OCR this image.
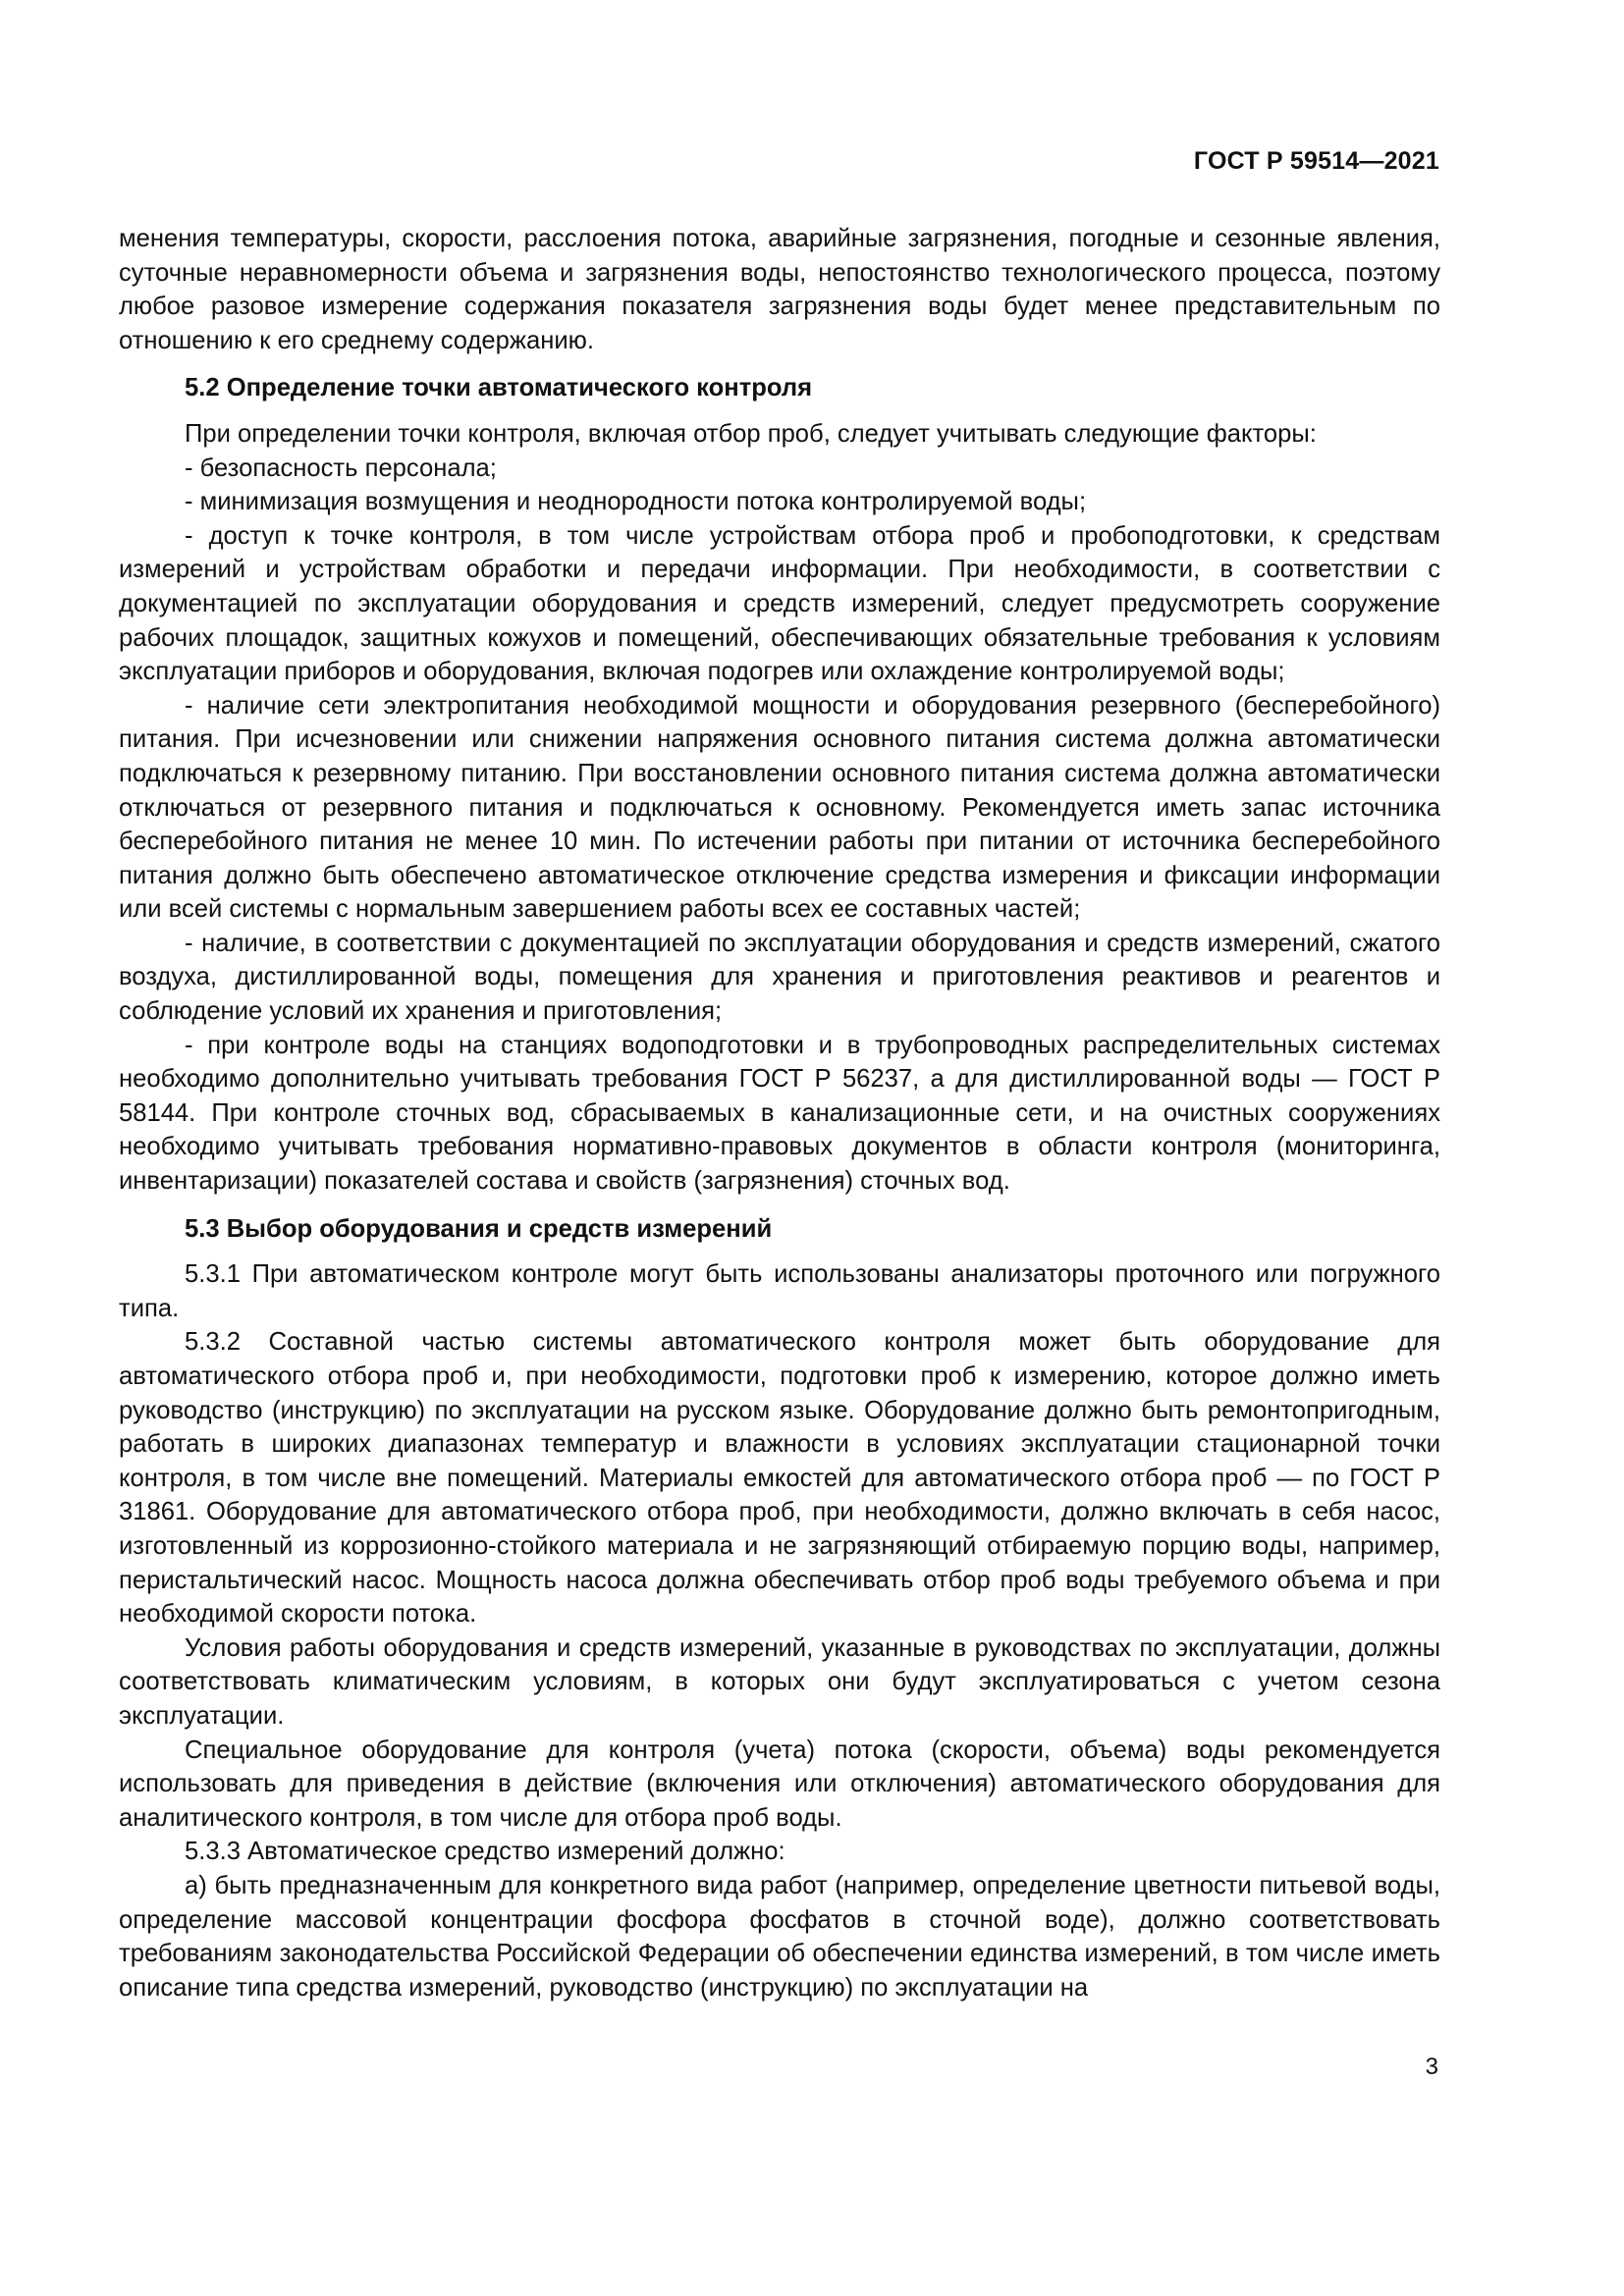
ГОСТ Р 59514—2021

менения температуры, скорости, расслоения потока, аварийные загрязнения, погодные и сезонные явления, суточные неравномерности объема и загрязнения воды, непостоянство технологического процесса, поэтому любое разовое измерение содержания показателя загрязнения воды будет менее представительным по отношению к его среднему содержанию.

5.2 Определение точки автоматического контроля

При определении точки контроля, включая отбор проб, следует учитывать следующие факторы:

- безопасность персонала;

- минимизация возмущения и неоднородности потока контролируемой воды;

- доступ к точке контроля, в том числе устройствам отбора проб и пробоподготовки, к средствам измерений и устройствам обработки и передачи информации. При необходимости, в соответствии с документацией по эксплуатации оборудования и средств измерений, следует предусмотреть сооружение рабочих площадок, защитных кожухов и помещений, обеспечивающих обязательные требования к условиям эксплуатации приборов и оборудования, включая подогрев или охлаждение контролируемой воды;

- наличие сети электропитания необходимой мощности и оборудования резервного (бесперебойного) питания. При исчезновении или снижении напряжения основного питания система должна автоматически подключаться к резервному питанию. При восстановлении основного питания система должна автоматически отключаться от резервного питания и подключаться к основному. Рекомендуется иметь запас источника бесперебойного питания не менее 10 мин. По истечении работы при питании от источника бесперебойного питания должно быть обеспечено автоматическое отключение средства измерения и фиксации информации или всей системы с нормальным завершением работы всех ее составных частей;

- наличие, в соответствии с документацией по эксплуатации оборудования и средств измерений, сжатого воздуха, дистиллированной воды, помещения для хранения и приготовления реактивов и реагентов и соблюдение условий их хранения и приготовления;

- при контроле воды на станциях водоподготовки и в трубопроводных распределительных системах необходимо дополнительно учитывать требования ГОСТ Р 56237, а для дистиллированной воды — ГОСТ Р 58144. При контроле сточных вод, сбрасываемых в канализационные сети, и на очистных сооружениях необходимо учитывать требования нормативно-правовых документов в области контроля (мониторинга, инвентаризации) показателей состава и свойств (загрязнения) сточных вод.

5.3 Выбор оборудования и средств измерений

5.3.1 При автоматическом контроле могут быть использованы анализаторы проточного или погружного типа.

5.3.2 Составной частью системы автоматического контроля может быть оборудование для автоматического отбора проб и, при необходимости, подготовки проб к измерению, которое должно иметь руководство (инструкцию) по эксплуатации на русском языке. Оборудование должно быть ремонтопригодным, работать в широких диапазонах температур и влажности в условиях эксплуатации стационарной точки контроля, в том числе вне помещений. Материалы емкостей для автоматического отбора проб — по ГОСТ Р 31861. Оборудование для автоматического отбора проб, при необходимости, должно включать в себя насос, изготовленный из коррозионно-стойкого материала и не загрязняющий отбираемую порцию воды, например, перистальтический насос. Мощность насоса должна обеспечивать отбор проб воды требуемого объема и при необходимой скорости потока.

Условия работы оборудования и средств измерений, указанные в руководствах по эксплуатации, должны соответствовать климатическим условиям, в которых они будут эксплуатироваться с учетом сезона эксплуатации.

Специальное оборудование для контроля (учета) потока (скорости, объема) воды рекомендуется использовать для приведения в действие (включения или отключения) автоматического оборудования для аналитического контроля, в том числе для отбора проб воды.

5.3.3 Автоматическое средство измерений должно:

а) быть предназначенным для конкретного вида работ (например, определение цветности питьевой воды, определение массовой концентрации фосфора фосфатов в сточной воде), должно соответствовать требованиям законодательства Российской Федерации об обеспечении единства измерений, в том числе иметь описание типа средства измерений, руководство (инструкцию) по эксплуатации на

3
